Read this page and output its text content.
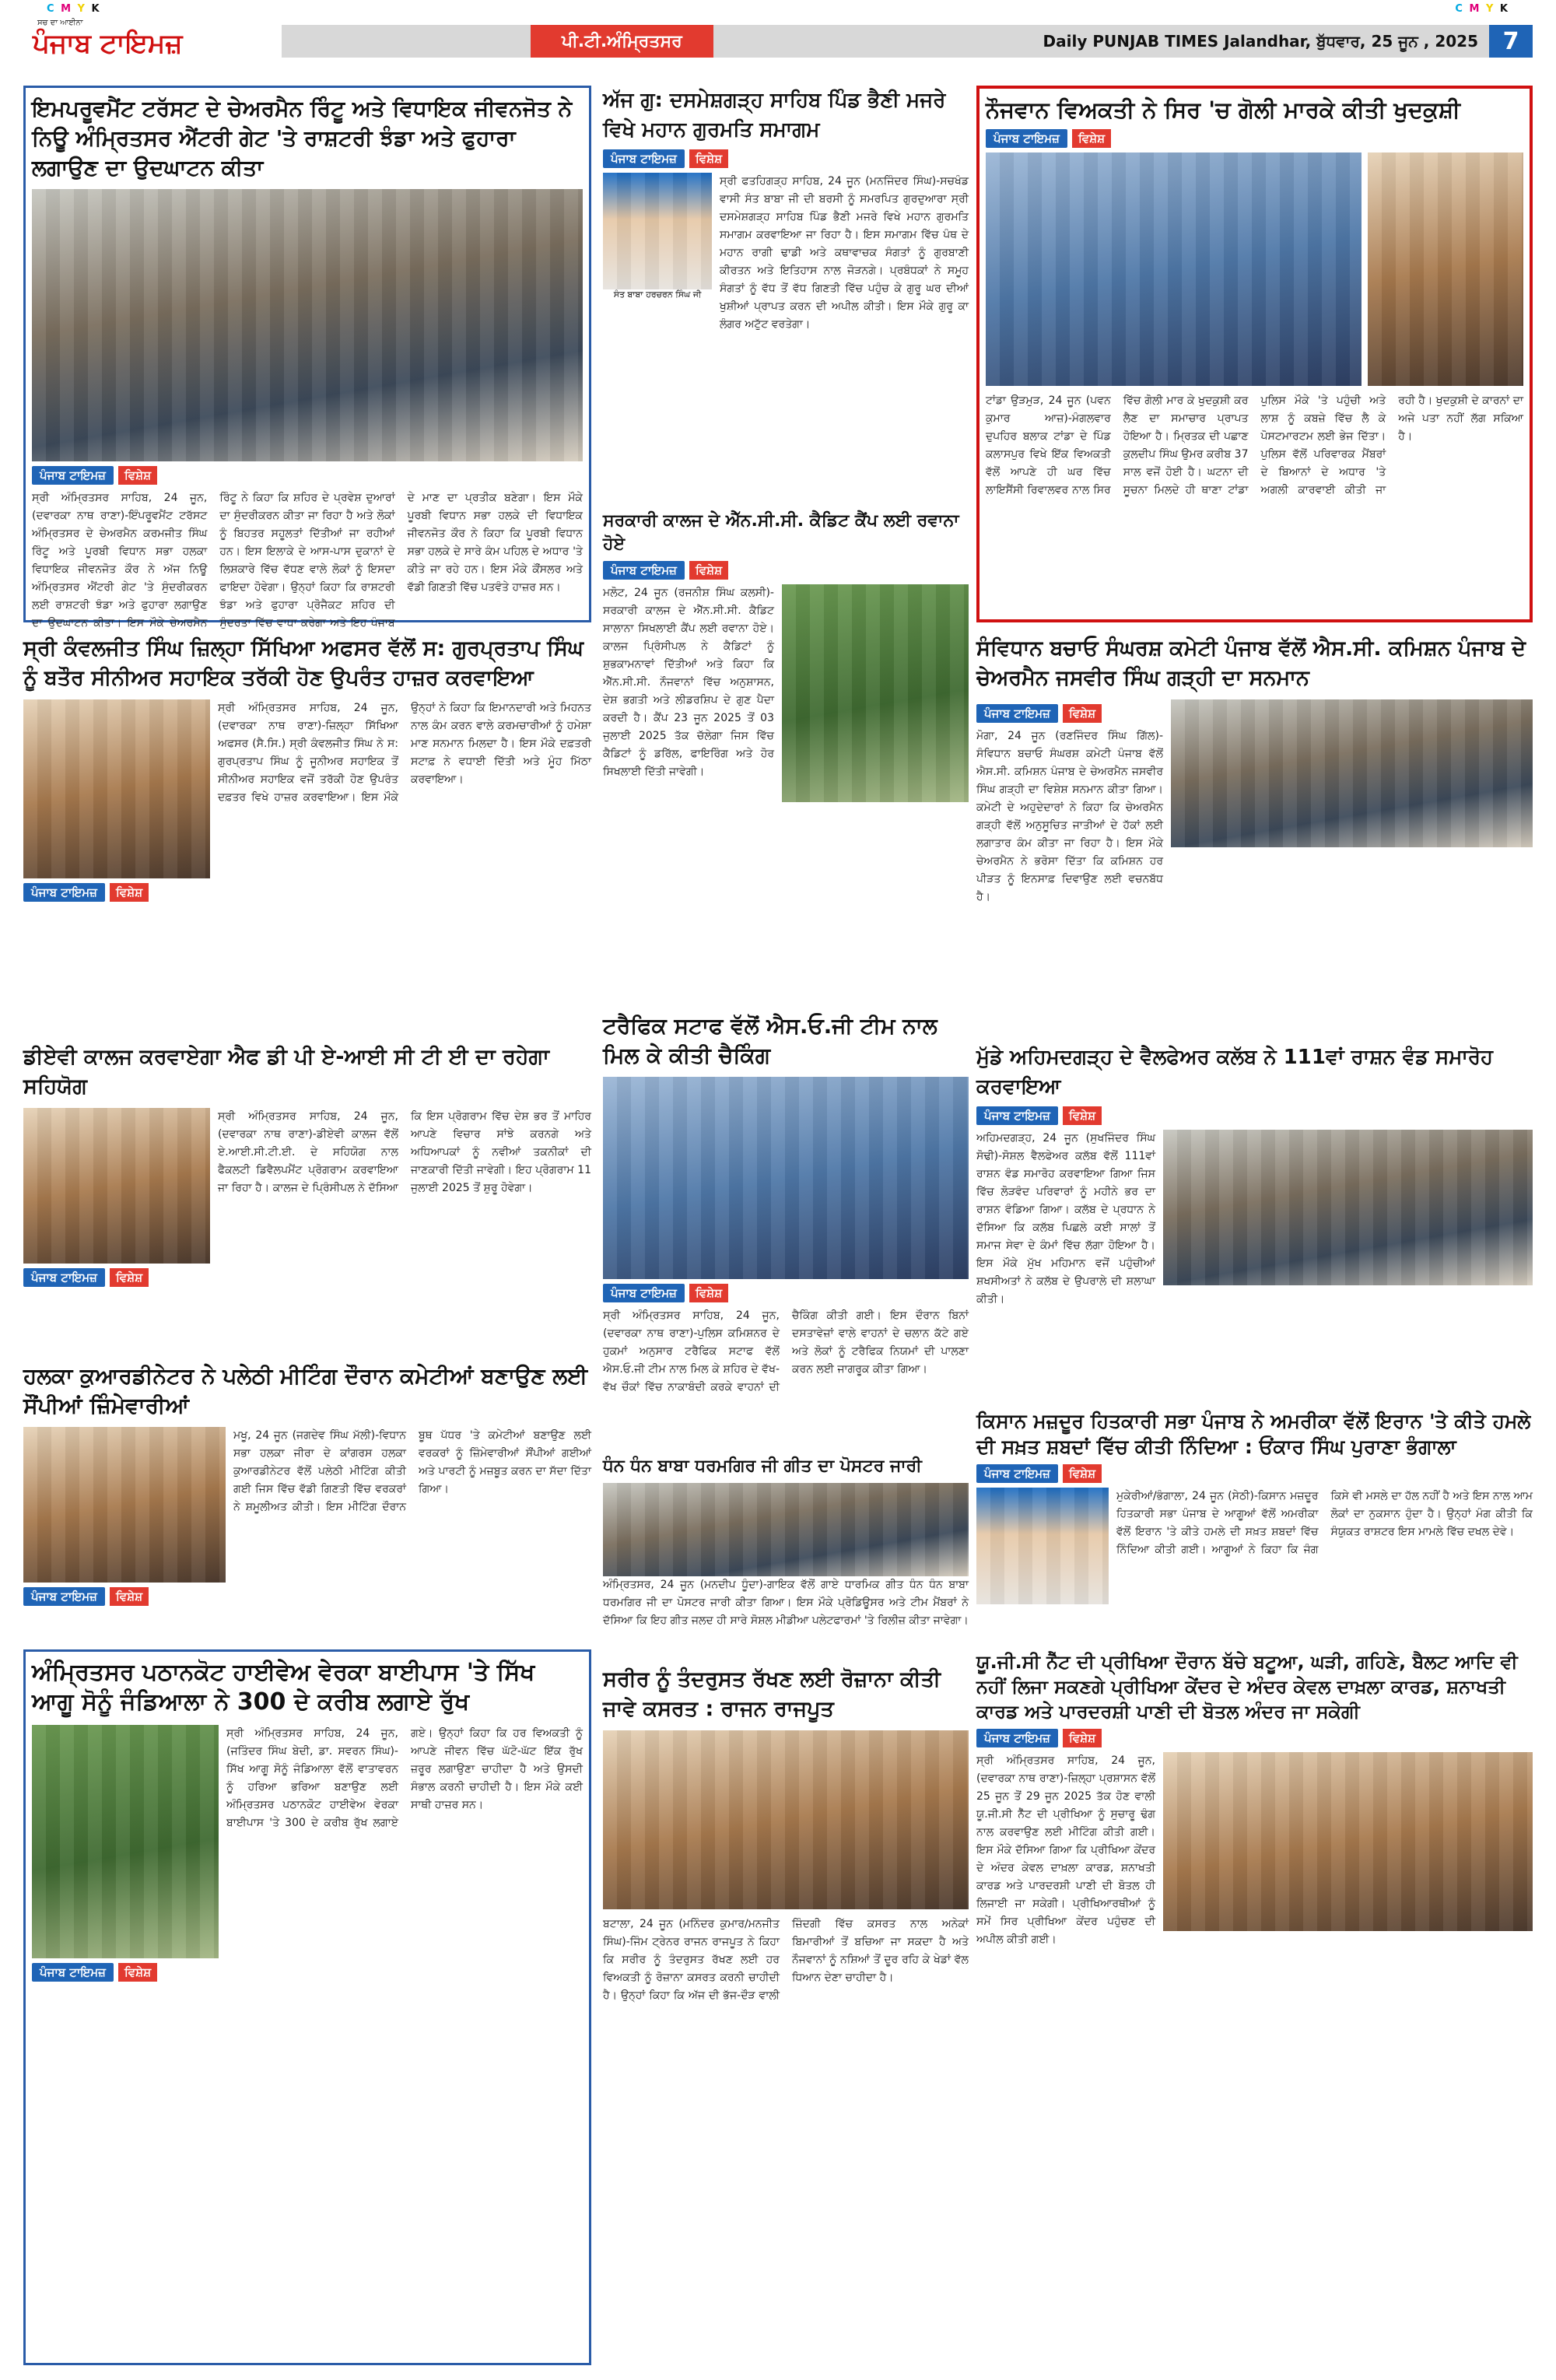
C M Y K	C M Y K
ਸਚ ਦਾ ਆਈਨਾ
ਪੰਜਾਬ ਟਾਇਮਜ਼	ਪੀ.ਟੀ.ਅੰਮ੍ਰਿਤਸਰ	Daily PUNJAB TIMES Jalandhar, ਬੁੱਧਵਾਰ, 25 ਜੂਨ , 2025	7
ਇਮਪਰੂਵਮੈਂਟ ਟਰੱਸਟ ਦੇ ਚੇਅਰਮੈਨ ਰਿੰਟੂ ਅਤੇ ਵਿਧਾਇਕ ਜੀਵਨਜੋਤ ਨੇ ਨਿਊ ਅੰਮ੍ਰਿਤਸਰ ਐਂਟਰੀ ਗੇਟ 'ਤੇ ਰਾਸ਼ਟਰੀ ਝੰਡਾ ਅਤੇ ਫੁਹਾਰਾ ਲਗਾਉਣ ਦਾ ਉਦਘਾਟਨ ਕੀਤਾ
ਪੰਜਾਬ ਟਾਇਮਜ਼	ਵਿਸ਼ੇਸ਼
ਸ੍ਰੀ ਅੰਮ੍ਰਿਤਸਰ ਸਾਹਿਬ, 24 ਜੂਨ, (ਦਵਾਰਕਾ ਨਾਥ ਰਾਣਾ)-ਇੰਪਰੂਵਮੈਂਟ ਟਰੱਸਟ ਅੰਮ੍ਰਿਤਸਰ ਦੇ ਚੇਅਰਮੈਨ ਕਰਮਜੀਤ ਸਿੰਘ ਰਿੰਟੂ ਅਤੇ ਪੂਰਬੀ ਵਿਧਾਨ ਸਭਾ ਹਲਕਾ ਵਿਧਾਇਕ ਜੀਵਨਜੋਤ ਕੌਰ ਨੇ ਅੱਜ ਨਿਊ ਅੰਮ੍ਰਿਤਸਰ ਐਂਟਰੀ ਗੇਟ 'ਤੇ ਸੁੰਦਰੀਕਰਨ ਲਈ ਰਾਸ਼ਟਰੀ ਝੰਡਾ ਅਤੇ ਫੁਹਾਰਾ ਲਗਾਉਣ ਦਾ ਉਦਘਾਟਨ ਕੀਤਾ। ਇਸ ਮੌਕੇ ਚੇਅਰਮੈਨ ਰਿੰਟੂ ਨੇ ਕਿਹਾ ਕਿ ਸ਼ਹਿਰ ਦੇ ਪ੍ਰਵੇਸ਼ ਦੁਆਰਾਂ ਦਾ ਸੁੰਦਰੀਕਰਨ ਕੀਤਾ ਜਾ ਰਿਹਾ ਹੈ ਅਤੇ ਲੋਕਾਂ ਨੂੰ ਬਿਹਤਰ ਸਹੂਲਤਾਂ ਦਿੱਤੀਆਂ ਜਾ ਰਹੀਆਂ ਹਨ। ਇਸ ਇਲਾਕੇ ਦੇ ਆਸ-ਪਾਸ ਦੁਕਾਨਾਂ ਦੇ ਲਿਸ਼ਕਾਰੇ ਵਿੱਚ ਵੱਧਣ ਵਾਲੇ ਲੋਕਾਂ ਨੂੰ ਇਸਦਾ ਫਾਇਦਾ ਹੋਵੇਗਾ। ਉਨ੍ਹਾਂ ਕਿਹਾ ਕਿ ਰਾਸ਼ਟਰੀ ਝੰਡਾ ਅਤੇ ਫੁਹਾਰਾ ਪ੍ਰੋਜੈਕਟ ਸ਼ਹਿਰ ਦੀ ਸੁੰਦਰਤਾ ਵਿੱਚ ਵਾਧਾ ਕਰੇਗਾ ਅਤੇ ਇਹ ਪੰਜਾਬ ਦੇ ਮਾਣ ਦਾ ਪ੍ਰਤੀਕ ਬਣੇਗਾ। ਇਸ ਮੌਕੇ ਪੂਰਬੀ ਵਿਧਾਨ ਸਭਾ ਹਲਕੇ ਦੀ ਵਿਧਾਇਕ ਜੀਵਨਜੋਤ ਕੌਰ ਨੇ ਕਿਹਾ ਕਿ ਪੂਰਬੀ ਵਿਧਾਨ ਸਭਾ ਹਲਕੇ ਦੇ ਸਾਰੇ ਕੰਮ ਪਹਿਲ ਦੇ ਅਧਾਰ 'ਤੇ ਕੀਤੇ ਜਾ ਰਹੇ ਹਨ। ਇਸ ਮੌਕੇ ਕੌਂਸਲਰ ਅਤੇ ਵੱਡੀ ਗਿਣਤੀ ਵਿੱਚ ਪਤਵੰਤੇ ਹਾਜ਼ਰ ਸਨ।
ਅੱਜ ਗੁ: ਦਸਮੇਸ਼ਗੜ੍ਹ ਸਾਹਿਬ ਪਿੰਡ ਭੈਣੀ ਮਜਰੇ ਵਿਖੇ ਮਹਾਨ ਗੁਰਮਤਿ ਸਮਾਗਮ
ਪੰਜਾਬ ਟਾਇਮਜ਼	ਵਿਸ਼ੇਸ਼
ਸੰਤ ਬਾਬਾ ਹਰਚਰਨ ਸਿੰਘ ਜੀ
ਸ੍ਰੀ ਫਤਹਿਗੜ੍ਹ ਸਾਹਿਬ, 24 ਜੂਨ (ਮਨਜਿੰਦਰ ਸਿੰਘ)-ਸਚਖੰਡ ਵਾਸੀ ਸੰਤ ਬਾਬਾ ਜੀ ਦੀ ਬਰਸੀ ਨੂੰ ਸਮਰਪਿਤ ਗੁਰਦੁਆਰਾ ਸ੍ਰੀ ਦਸਮੇਸ਼ਗੜ੍ਹ ਸਾਹਿਬ ਪਿੰਡ ਭੈਣੀ ਮਜਰੇ ਵਿਖੇ ਮਹਾਨ ਗੁਰਮਤਿ ਸਮਾਗਮ ਕਰਵਾਇਆ ਜਾ ਰਿਹਾ ਹੈ। ਇਸ ਸਮਾਗਮ ਵਿੱਚ ਪੰਥ ਦੇ ਮਹਾਨ ਰਾਗੀ ਢਾਡੀ ਅਤੇ ਕਥਾਵਾਚਕ ਸੰਗਤਾਂ ਨੂੰ ਗੁਰਬਾਣੀ ਕੀਰਤਨ ਅਤੇ ਇਤਿਹਾਸ ਨਾਲ ਜੋੜਨਗੇ। ਪ੍ਰਬੰਧਕਾਂ ਨੇ ਸਮੂਹ ਸੰਗਤਾਂ ਨੂੰ ਵੱਧ ਤੋਂ ਵੱਧ ਗਿਣਤੀ ਵਿੱਚ ਪਹੁੰਚ ਕੇ ਗੁਰੂ ਘਰ ਦੀਆਂ ਖੁਸ਼ੀਆਂ ਪ੍ਰਾਪਤ ਕਰਨ ਦੀ ਅਪੀਲ ਕੀਤੀ। ਇਸ ਮੌਕੇ ਗੁਰੂ ਕਾ ਲੰਗਰ ਅਟੁੱਟ ਵਰਤੇਗਾ।
ਨੌਜਵਾਨ ਵਿਅਕਤੀ ਨੇ ਸਿਰ 'ਚ ਗੋਲੀ ਮਾਰਕੇ ਕੀਤੀ ਖੁਦਕੁਸ਼ੀ
ਪੰਜਾਬ ਟਾਇਮਜ਼	ਵਿਸ਼ੇਸ਼
ਟਾਂਡਾ ਉੜਮੁੜ, 24 ਜੂਨ (ਪਵਨ ਕੁਮਾਰ ਆਜ਼)-ਮੰਗਲਵਾਰ ਦੁਪਹਿਰ ਬਲਾਕ ਟਾਂਡਾ ਦੇ ਪਿੰਡ ਕਲਾਸਪੁਰ ਵਿਖੇ ਇੱਕ ਵਿਅਕਤੀ ਵੱਲੋਂ ਆਪਣੇ ਹੀ ਘਰ ਵਿੱਚ ਲਾਇਸੈਂਸੀ ਰਿਵਾਲਵਰ ਨਾਲ ਸਿਰ ਵਿੱਚ ਗੋਲੀ ਮਾਰ ਕੇ ਖੁਦਕੁਸ਼ੀ ਕਰ ਲੈਣ ਦਾ ਸਮਾਚਾਰ ਪ੍ਰਾਪਤ ਹੋਇਆ ਹੈ। ਮ੍ਰਿਤਕ ਦੀ ਪਛਾਣ ਕੁਲਦੀਪ ਸਿੰਘ ਉਮਰ ਕਰੀਬ 37 ਸਾਲ ਵਜੋਂ ਹੋਈ ਹੈ। ਘਟਨਾ ਦੀ ਸੂਚਨਾ ਮਿਲਦੇ ਹੀ ਥਾਣਾ ਟਾਂਡਾ ਪੁਲਿਸ ਮੌਕੇ 'ਤੇ ਪਹੁੰਚੀ ਅਤੇ ਲਾਸ਼ ਨੂੰ ਕਬਜ਼ੇ ਵਿੱਚ ਲੈ ਕੇ ਪੋਸਟਮਾਰਟਮ ਲਈ ਭੇਜ ਦਿੱਤਾ। ਪੁਲਿਸ ਵੱਲੋਂ ਪਰਿਵਾਰਕ ਮੈਂਬਰਾਂ ਦੇ ਬਿਆਨਾਂ ਦੇ ਅਧਾਰ 'ਤੇ ਅਗਲੀ ਕਾਰਵਾਈ ਕੀਤੀ ਜਾ ਰਹੀ ਹੈ। ਖੁਦਕੁਸ਼ੀ ਦੇ ਕਾਰਨਾਂ ਦਾ ਅਜੇ ਪਤਾ ਨਹੀਂ ਲੱਗ ਸਕਿਆ ਹੈ।
ਸਰਕਾਰੀ ਕਾਲਜ ਦੇ ਐੱਨ.ਸੀ.ਸੀ. ਕੈਡਿਟ ਕੈਂਪ ਲਈ ਰਵਾਨਾ ਹੋਏ
ਪੰਜਾਬ ਟਾਇਮਜ਼	ਵਿਸ਼ੇਸ਼
ਮਲੋਟ, 24 ਜੂਨ (ਰਜਨੀਸ਼ ਸਿੰਘ ਕਲਸੀ)-ਸਰਕਾਰੀ ਕਾਲਜ ਦੇ ਐੱਨ.ਸੀ.ਸੀ. ਕੈਡਿਟ ਸਾਲਾਨਾ ਸਿਖਲਾਈ ਕੈਂਪ ਲਈ ਰਵਾਨਾ ਹੋਏ। ਕਾਲਜ ਪ੍ਰਿੰਸੀਪਲ ਨੇ ਕੈਡਿਟਾਂ ਨੂੰ ਸ਼ੁਭਕਾਮਨਾਵਾਂ ਦਿੱਤੀਆਂ ਅਤੇ ਕਿਹਾ ਕਿ ਐੱਨ.ਸੀ.ਸੀ. ਨੌਜਵਾਨਾਂ ਵਿੱਚ ਅਨੁਸ਼ਾਸਨ, ਦੇਸ਼ ਭਗਤੀ ਅਤੇ ਲੀਡਰਸ਼ਿਪ ਦੇ ਗੁਣ ਪੈਦਾ ਕਰਦੀ ਹੈ। ਕੈਂਪ 23 ਜੂਨ 2025 ਤੋਂ 03 ਜੁਲਾਈ 2025 ਤੱਕ ਚੱਲੇਗਾ ਜਿਸ ਵਿੱਚ ਕੈਡਿਟਾਂ ਨੂੰ ਡਰਿੱਲ, ਫਾਇਰਿੰਗ ਅਤੇ ਹੋਰ ਸਿਖਲਾਈ ਦਿੱਤੀ ਜਾਵੇਗੀ।
ਸ੍ਰੀ ਕੰਵਲਜੀਤ ਸਿੰਘ ਜ਼ਿਲ੍ਹਾ ਸਿੱਖਿਆ ਅਫਸਰ ਵੱਲੋਂ ਸ: ਗੁਰਪ੍ਰਤਾਪ ਸਿੰਘ ਨੂੰ ਬਤੌਰ ਸੀਨੀਅਰ ਸਹਾਇਕ ਤਰੱਕੀ ਹੋਣ ਉਪਰੰਤ ਹਾਜ਼ਰ ਕਰਵਾਇਆ
ਪੰਜਾਬ ਟਾਇਮਜ਼	ਵਿਸ਼ੇਸ਼
ਸ੍ਰੀ ਅੰਮ੍ਰਿਤਸਰ ਸਾਹਿਬ, 24 ਜੂਨ, (ਦਵਾਰਕਾ ਨਾਥ ਰਾਣਾ)-ਜ਼ਿਲ੍ਹਾ ਸਿੱਖਿਆ ਅਫਸਰ (ਸੈ.ਸਿ.) ਸ੍ਰੀ ਕੰਵਲਜੀਤ ਸਿੰਘ ਨੇ ਸ: ਗੁਰਪ੍ਰਤਾਪ ਸਿੰਘ ਨੂੰ ਜੂਨੀਅਰ ਸਹਾਇਕ ਤੋਂ ਸੀਨੀਅਰ ਸਹਾਇਕ ਵਜੋਂ ਤਰੱਕੀ ਹੋਣ ਉਪਰੰਤ ਦਫ਼ਤਰ ਵਿਖੇ ਹਾਜ਼ਰ ਕਰਵਾਇਆ। ਇਸ ਮੌਕੇ ਉਨ੍ਹਾਂ ਨੇ ਕਿਹਾ ਕਿ ਇਮਾਨਦਾਰੀ ਅਤੇ ਮਿਹਨਤ ਨਾਲ ਕੰਮ ਕਰਨ ਵਾਲੇ ਕਰਮਚਾਰੀਆਂ ਨੂੰ ਹਮੇਸ਼ਾ ਮਾਣ ਸਨਮਾਨ ਮਿਲਦਾ ਹੈ। ਇਸ ਮੌਕੇ ਦਫ਼ਤਰੀ ਸਟਾਫ਼ ਨੇ ਵਧਾਈ ਦਿੱਤੀ ਅਤੇ ਮੂੰਹ ਮਿੱਠਾ ਕਰਵਾਇਆ।
ਸੰਵਿਧਾਨ ਬਚਾਓ ਸੰਘਰਸ਼ ਕਮੇਟੀ ਪੰਜਾਬ ਵੱਲੋਂ ਐਸ.ਸੀ. ਕਮਿਸ਼ਨ ਪੰਜਾਬ ਦੇ ਚੇਅਰਮੈਨ ਜਸਵੀਰ ਸਿੰਘ ਗੜ੍ਹੀ ਦਾ ਸਨਮਾਨ
ਪੰਜਾਬ ਟਾਇਮਜ਼	ਵਿਸ਼ੇਸ਼
ਮੋਗਾ, 24 ਜੂਨ (ਰਣਜਿੰਦਰ ਸਿੰਘ ਗਿੱਲ)-ਸੰਵਿਧਾਨ ਬਚਾਓ ਸੰਘਰਸ਼ ਕਮੇਟੀ ਪੰਜਾਬ ਵੱਲੋਂ ਐਸ.ਸੀ. ਕਮਿਸ਼ਨ ਪੰਜਾਬ ਦੇ ਚੇਅਰਮੈਨ ਜਸਵੀਰ ਸਿੰਘ ਗੜ੍ਹੀ ਦਾ ਵਿਸ਼ੇਸ਼ ਸਨਮਾਨ ਕੀਤਾ ਗਿਆ। ਕਮੇਟੀ ਦੇ ਅਹੁਦੇਦਾਰਾਂ ਨੇ ਕਿਹਾ ਕਿ ਚੇਅਰਮੈਨ ਗੜ੍ਹੀ ਵੱਲੋਂ ਅਨੁਸੂਚਿਤ ਜਾਤੀਆਂ ਦੇ ਹੱਕਾਂ ਲਈ ਲਗਾਤਾਰ ਕੰਮ ਕੀਤਾ ਜਾ ਰਿਹਾ ਹੈ। ਇਸ ਮੌਕੇ ਚੇਅਰਮੈਨ ਨੇ ਭਰੋਸਾ ਦਿੱਤਾ ਕਿ ਕਮਿਸ਼ਨ ਹਰ ਪੀੜਤ ਨੂੰ ਇਨਸਾਫ਼ ਦਿਵਾਉਣ ਲਈ ਵਚਨਬੱਧ ਹੈ।
ਡੀਏਵੀ ਕਾਲਜ ਕਰਵਾਏਗਾ ਐਫ ਡੀ ਪੀ ਏ-ਆਈ ਸੀ ਟੀ ਈ ਦਾ ਰਹੇਗਾ ਸਹਿਯੋਗ
ਪੰਜਾਬ ਟਾਇਮਜ਼	ਵਿਸ਼ੇਸ਼
ਸ੍ਰੀ ਅੰਮ੍ਰਿਤਸਰ ਸਾਹਿਬ, 24 ਜੂਨ, (ਦਵਾਰਕਾ ਨਾਥ ਰਾਣਾ)-ਡੀਏਵੀ ਕਾਲਜ ਵੱਲੋਂ ਏ.ਆਈ.ਸੀ.ਟੀ.ਈ. ਦੇ ਸਹਿਯੋਗ ਨਾਲ ਫੈਕਲਟੀ ਡਿਵੈਲਪਮੈਂਟ ਪ੍ਰੋਗਰਾਮ ਕਰਵਾਇਆ ਜਾ ਰਿਹਾ ਹੈ। ਕਾਲਜ ਦੇ ਪ੍ਰਿੰਸੀਪਲ ਨੇ ਦੱਸਿਆ ਕਿ ਇਸ ਪ੍ਰੋਗਰਾਮ ਵਿੱਚ ਦੇਸ਼ ਭਰ ਤੋਂ ਮਾਹਿਰ ਆਪਣੇ ਵਿਚਾਰ ਸਾਂਝੇ ਕਰਨਗੇ ਅਤੇ ਅਧਿਆਪਕਾਂ ਨੂੰ ਨਵੀਆਂ ਤਕਨੀਕਾਂ ਦੀ ਜਾਣਕਾਰੀ ਦਿੱਤੀ ਜਾਵੇਗੀ। ਇਹ ਪ੍ਰੋਗਰਾਮ 11 ਜੁਲਾਈ 2025 ਤੋਂ ਸ਼ੁਰੂ ਹੋਵੇਗਾ।
ਟਰੈਫਿਕ ਸਟਾਫ ਵੱਲੋਂ ਐਸ.ਓ.ਜੀ ਟੀਮ ਨਾਲ ਮਿਲ ਕੇ ਕੀਤੀ ਚੈਕਿੰਗ
ਪੰਜਾਬ ਟਾਇਮਜ਼	ਵਿਸ਼ੇਸ਼
ਸ੍ਰੀ ਅੰਮ੍ਰਿਤਸਰ ਸਾਹਿਬ, 24 ਜੂਨ, (ਦਵਾਰਕਾ ਨਾਥ ਰਾਣਾ)-ਪੁਲਿਸ ਕਮਿਸ਼ਨਰ ਦੇ ਹੁਕਮਾਂ ਅਨੁਸਾਰ ਟਰੈਫਿਕ ਸਟਾਫ ਵੱਲੋਂ ਐਸ.ਓ.ਜੀ ਟੀਮ ਨਾਲ ਮਿਲ ਕੇ ਸ਼ਹਿਰ ਦੇ ਵੱਖ-ਵੱਖ ਚੌਕਾਂ ਵਿੱਚ ਨਾਕਾਬੰਦੀ ਕਰਕੇ ਵਾਹਨਾਂ ਦੀ ਚੈਕਿੰਗ ਕੀਤੀ ਗਈ। ਇਸ ਦੌਰਾਨ ਬਿਨਾਂ ਦਸਤਾਵੇਜ਼ਾਂ ਵਾਲੇ ਵਾਹਨਾਂ ਦੇ ਚਲਾਨ ਕੱਟੇ ਗਏ ਅਤੇ ਲੋਕਾਂ ਨੂੰ ਟਰੈਫਿਕ ਨਿਯਮਾਂ ਦੀ ਪਾਲਣਾ ਕਰਨ ਲਈ ਜਾਗਰੂਕ ਕੀਤਾ ਗਿਆ।
ਮੁੱਡੇ ਅਹਿਮਦਗੜ੍ਹ ਦੇ ਵੈਲਫੇਅਰ ਕਲੱਬ ਨੇ 111ਵਾਂ ਰਾਸ਼ਨ ਵੰਡ ਸਮਾਰੋਹ ਕਰਵਾਇਆ
ਪੰਜਾਬ ਟਾਇਮਜ਼	ਵਿਸ਼ੇਸ਼
ਅਹਿਮਦਗੜ੍ਹ, 24 ਜੂਨ (ਸੁਖਜਿੰਦਰ ਸਿੰਘ ਸੋਢੀ)-ਸੋਸ਼ਲ ਵੈਲਫੇਅਰ ਕਲੱਬ ਵੱਲੋਂ 111ਵਾਂ ਰਾਸ਼ਨ ਵੰਡ ਸਮਾਰੋਹ ਕਰਵਾਇਆ ਗਿਆ ਜਿਸ ਵਿੱਚ ਲੋੜਵੰਦ ਪਰਿਵਾਰਾਂ ਨੂੰ ਮਹੀਨੇ ਭਰ ਦਾ ਰਾਸ਼ਨ ਵੰਡਿਆ ਗਿਆ। ਕਲੱਬ ਦੇ ਪ੍ਰਧਾਨ ਨੇ ਦੱਸਿਆ ਕਿ ਕਲੱਬ ਪਿਛਲੇ ਕਈ ਸਾਲਾਂ ਤੋਂ ਸਮਾਜ ਸੇਵਾ ਦੇ ਕੰਮਾਂ ਵਿੱਚ ਲੱਗਾ ਹੋਇਆ ਹੈ। ਇਸ ਮੌਕੇ ਮੁੱਖ ਮਹਿਮਾਨ ਵਜੋਂ ਪਹੁੰਚੀਆਂ ਸ਼ਖਸੀਅਤਾਂ ਨੇ ਕਲੱਬ ਦੇ ਉਪਰਾਲੇ ਦੀ ਸ਼ਲਾਘਾ ਕੀਤੀ।
ਹਲਕਾ ਕੁਆਰਡੀਨੇਟਰ ਨੇ ਪਲੇਠੀ ਮੀਟਿੰਗ ਦੌਰਾਨ ਕਮੇਟੀਆਂ ਬਣਾਉਣ ਲਈ ਸੌਂਪੀਆਂ ਜ਼ਿੰਮੇਵਾਰੀਆਂ
ਪੰਜਾਬ ਟਾਇਮਜ਼	ਵਿਸ਼ੇਸ਼
ਮਖੂ, 24 ਜੂਨ (ਜਗਦੇਵ ਸਿੰਘ ਮੱਲੀ)-ਵਿਧਾਨ ਸਭਾ ਹਲਕਾ ਜੀਰਾ ਦੇ ਕਾਂਗਰਸ ਹਲਕਾ ਕੁਆਰਡੀਨੇਟਰ ਵੱਲੋਂ ਪਲੇਠੀ ਮੀਟਿੰਗ ਕੀਤੀ ਗਈ ਜਿਸ ਵਿੱਚ ਵੱਡੀ ਗਿਣਤੀ ਵਿੱਚ ਵਰਕਰਾਂ ਨੇ ਸ਼ਮੂਲੀਅਤ ਕੀਤੀ। ਇਸ ਮੀਟਿੰਗ ਦੌਰਾਨ ਬੂਥ ਪੱਧਰ 'ਤੇ ਕਮੇਟੀਆਂ ਬਣਾਉਣ ਲਈ ਵਰਕਰਾਂ ਨੂੰ ਜ਼ਿੰਮੇਵਾਰੀਆਂ ਸੌਂਪੀਆਂ ਗਈਆਂ ਅਤੇ ਪਾਰਟੀ ਨੂੰ ਮਜ਼ਬੂਤ ਕਰਨ ਦਾ ਸੱਦਾ ਦਿੱਤਾ ਗਿਆ।
ਧੰਨ ਧੰਨ ਬਾਬਾ ਧਰਮਗਿਰ ਜੀ ਗੀਤ ਦਾ ਪੋਸਟਰ ਜਾਰੀ
ਅੰਮ੍ਰਿਤਸਰ, 24 ਜੂਨ (ਮਨਦੀਪ ਧੂੰਦਾ)-ਗਾਇਕ ਵੱਲੋਂ ਗਾਏ ਧਾਰਮਿਕ ਗੀਤ ਧੰਨ ਧੰਨ ਬਾਬਾ ਧਰਮਗਿਰ ਜੀ ਦਾ ਪੋਸਟਰ ਜਾਰੀ ਕੀਤਾ ਗਿਆ। ਇਸ ਮੌਕੇ ਪ੍ਰੋਡਿਊਸਰ ਅਤੇ ਟੀਮ ਮੈਂਬਰਾਂ ਨੇ ਦੱਸਿਆ ਕਿ ਇਹ ਗੀਤ ਜਲਦ ਹੀ ਸਾਰੇ ਸੋਸ਼ਲ ਮੀਡੀਆ ਪਲੇਟਫਾਰਮਾਂ 'ਤੇ ਰਿਲੀਜ਼ ਕੀਤਾ ਜਾਵੇਗਾ।
ਕਿਸਾਨ ਮਜ਼ਦੂਰ ਹਿਤਕਾਰੀ ਸਭਾ ਪੰਜਾਬ ਨੇ ਅਮਰੀਕਾ ਵੱਲੋਂ ਇਰਾਨ 'ਤੇ ਕੀਤੇ ਹਮਲੇ ਦੀ ਸਖ਼ਤ ਸ਼ਬਦਾਂ ਵਿੱਚ ਕੀਤੀ ਨਿੰਦਿਆ : ਓਂਕਾਰ ਸਿੰਘ ਪੁਰਾਣਾ ਭੰਗਾਲਾ
ਪੰਜਾਬ ਟਾਇਮਜ਼	ਵਿਸ਼ੇਸ਼
ਮੁਕੇਰੀਆਂ/ਭੰਗਾਲਾ, 24 ਜੂਨ (ਸੇਠੀ)-ਕਿਸਾਨ ਮਜ਼ਦੂਰ ਹਿਤਕਾਰੀ ਸਭਾ ਪੰਜਾਬ ਦੇ ਆਗੂਆਂ ਵੱਲੋਂ ਅਮਰੀਕਾ ਵੱਲੋਂ ਇਰਾਨ 'ਤੇ ਕੀਤੇ ਹਮਲੇ ਦੀ ਸਖ਼ਤ ਸ਼ਬਦਾਂ ਵਿੱਚ ਨਿੰਦਿਆ ਕੀਤੀ ਗਈ। ਆਗੂਆਂ ਨੇ ਕਿਹਾ ਕਿ ਜੰਗ ਕਿਸੇ ਵੀ ਮਸਲੇ ਦਾ ਹੱਲ ਨਹੀਂ ਹੈ ਅਤੇ ਇਸ ਨਾਲ ਆਮ ਲੋਕਾਂ ਦਾ ਨੁਕਸਾਨ ਹੁੰਦਾ ਹੈ। ਉਨ੍ਹਾਂ ਮੰਗ ਕੀਤੀ ਕਿ ਸੰਯੁਕਤ ਰਾਸ਼ਟਰ ਇਸ ਮਾਮਲੇ ਵਿੱਚ ਦਖਲ ਦੇਵੇ।
ਅੰਮ੍ਰਿਤਸਰ ਪਠਾਨਕੋਟ ਹਾਈਵੇਅ ਵੇਰਕਾ ਬਾਈਪਾਸ 'ਤੇ ਸਿੱਖ ਆਗੂ ਸੋਨੂੰ ਜੰਡਿਆਲਾ ਨੇ 300 ਦੇ ਕਰੀਬ ਲਗਾਏ ਰੁੱਖ
ਪੰਜਾਬ ਟਾਇਮਜ਼	ਵਿਸ਼ੇਸ਼
ਸ੍ਰੀ ਅੰਮ੍ਰਿਤਸਰ ਸਾਹਿਬ, 24 ਜੂਨ, (ਜਤਿੰਦਰ ਸਿੰਘ ਬੇਦੀ, ਡਾ. ਸਵਰਨ ਸਿੰਘ)-ਸਿੱਖ ਆਗੂ ਸੋਨੂੰ ਜੰਡਿਆਲਾ ਵੱਲੋਂ ਵਾਤਾਵਰਨ ਨੂੰ ਹਰਿਆ ਭਰਿਆ ਬਣਾਉਣ ਲਈ ਅੰਮ੍ਰਿਤਸਰ ਪਠਾਨਕੋਟ ਹਾਈਵੇਅ ਵੇਰਕਾ ਬਾਈਪਾਸ 'ਤੇ 300 ਦੇ ਕਰੀਬ ਰੁੱਖ ਲਗਾਏ ਗਏ। ਉਨ੍ਹਾਂ ਕਿਹਾ ਕਿ ਹਰ ਵਿਅਕਤੀ ਨੂੰ ਆਪਣੇ ਜੀਵਨ ਵਿੱਚ ਘੱਟੋ-ਘੱਟ ਇੱਕ ਰੁੱਖ ਜ਼ਰੂਰ ਲਗਾਉਣਾ ਚਾਹੀਦਾ ਹੈ ਅਤੇ ਉਸਦੀ ਸੰਭਾਲ ਕਰਨੀ ਚਾਹੀਦੀ ਹੈ। ਇਸ ਮੌਕੇ ਕਈ ਸਾਥੀ ਹਾਜ਼ਰ ਸਨ।
ਸਰੀਰ ਨੂੰ ਤੰਦਰੁਸਤ ਰੱਖਣ ਲਈ ਰੋਜ਼ਾਨਾ ਕੀਤੀ ਜਾਵੇ ਕਸਰਤ : ਰਾਜਨ ਰਾਜਪੂਤ
ਬਟਾਲਾ, 24 ਜੂਨ (ਮਨਿੰਦਰ ਕੁਮਾਰ/ਮਨਜੀਤ ਸਿੰਘ)-ਜਿੰਮ ਟ੍ਰੇਨਰ ਰਾਜਨ ਰਾਜਪੂਤ ਨੇ ਕਿਹਾ ਕਿ ਸਰੀਰ ਨੂੰ ਤੰਦਰੁਸਤ ਰੱਖਣ ਲਈ ਹਰ ਵਿਅਕਤੀ ਨੂੰ ਰੋਜ਼ਾਨਾ ਕਸਰਤ ਕਰਨੀ ਚਾਹੀਦੀ ਹੈ। ਉਨ੍ਹਾਂ ਕਿਹਾ ਕਿ ਅੱਜ ਦੀ ਭੱਜ-ਦੌੜ ਵਾਲੀ ਜ਼ਿੰਦਗੀ ਵਿੱਚ ਕਸਰਤ ਨਾਲ ਅਨੇਕਾਂ ਬਿਮਾਰੀਆਂ ਤੋਂ ਬਚਿਆ ਜਾ ਸਕਦਾ ਹੈ ਅਤੇ ਨੌਜਵਾਨਾਂ ਨੂੰ ਨਸ਼ਿਆਂ ਤੋਂ ਦੂਰ ਰਹਿ ਕੇ ਖੇਡਾਂ ਵੱਲ ਧਿਆਨ ਦੇਣਾ ਚਾਹੀਦਾ ਹੈ।
ਯੂ.ਜੀ.ਸੀ ਨੈੱਟ ਦੀ ਪ੍ਰੀਖਿਆ ਦੌਰਾਨ ਬੱਚੇ ਬਟੂਆ, ਘੜੀ, ਗਹਿਣੇ, ਬੈਲਟ ਆਦਿ ਵੀ ਨਹੀਂ ਲਿਜਾ ਸਕਣਗੇ ਪ੍ਰੀਖਿਆ ਕੇਂਦਰ ਦੇ ਅੰਦਰ ਕੇਵਲ ਦਾਖ਼ਲਾ ਕਾਰਡ, ਸ਼ਨਾਖਤੀ ਕਾਰਡ ਅਤੇ ਪਾਰਦਰਸ਼ੀ ਪਾਣੀ ਦੀ ਬੋਤਲ ਅੰਦਰ ਜਾ ਸਕੇਗੀ
ਪੰਜਾਬ ਟਾਇਮਜ਼	ਵਿਸ਼ੇਸ਼
ਸ੍ਰੀ ਅੰਮ੍ਰਿਤਸਰ ਸਾਹਿਬ, 24 ਜੂਨ, (ਦਵਾਰਕਾ ਨਾਥ ਰਾਣਾ)-ਜ਼ਿਲ੍ਹਾ ਪ੍ਰਸ਼ਾਸਨ ਵੱਲੋਂ 25 ਜੂਨ ਤੋਂ 29 ਜੂਨ 2025 ਤੱਕ ਹੋਣ ਵਾਲੀ ਯੂ.ਜੀ.ਸੀ ਨੈੱਟ ਦੀ ਪ੍ਰੀਖਿਆ ਨੂੰ ਸੁਚਾਰੂ ਢੰਗ ਨਾਲ ਕਰਵਾਉਣ ਲਈ ਮੀਟਿੰਗ ਕੀਤੀ ਗਈ। ਇਸ ਮੌਕੇ ਦੱਸਿਆ ਗਿਆ ਕਿ ਪ੍ਰੀਖਿਆ ਕੇਂਦਰ ਦੇ ਅੰਦਰ ਕੇਵਲ ਦਾਖ਼ਲਾ ਕਾਰਡ, ਸ਼ਨਾਖਤੀ ਕਾਰਡ ਅਤੇ ਪਾਰਦਰਸ਼ੀ ਪਾਣੀ ਦੀ ਬੋਤਲ ਹੀ ਲਿਜਾਈ ਜਾ ਸਕੇਗੀ। ਪ੍ਰੀਖਿਆਰਥੀਆਂ ਨੂੰ ਸਮੇਂ ਸਿਰ ਪ੍ਰੀਖਿਆ ਕੇਂਦਰ ਪਹੁੰਚਣ ਦੀ ਅਪੀਲ ਕੀਤੀ ਗਈ।
